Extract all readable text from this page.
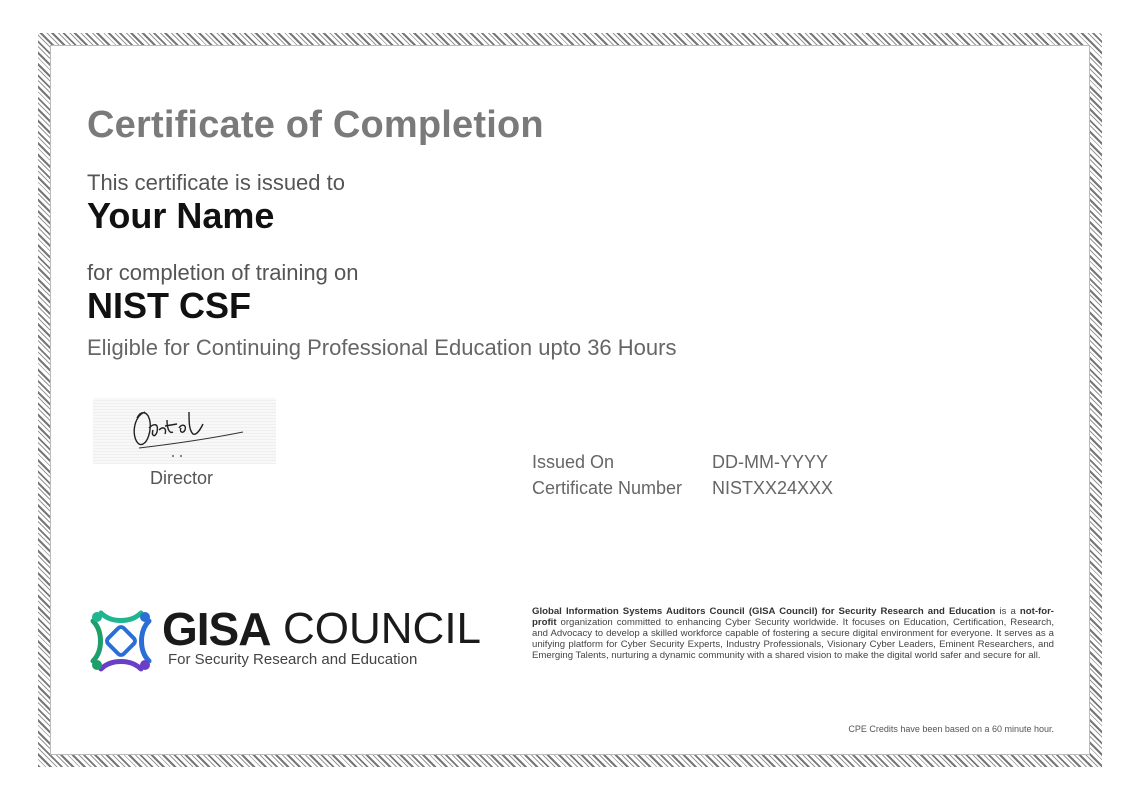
Certificate of Completion
This certificate is issued to
Your Name
for completion of training on
NIST CSF
Eligible for Continuing Professional Education upto 36 Hours
Director
Issued On	DD-MM-YYYY
Certificate Number	NISTXX24XXX
GISA COUNCIL
For Security Research and Education
Global Information Systems Auditors Council (GISA Council) for Security Research and Education is a not-for-profit organization committed to enhancing Cyber Security worldwide. It focuses on Education, Certification, Research, and Advocacy to develop a skilled workforce capable of fostering a secure digital environment for everyone. It serves as a unifying platform for Cyber Security Experts, Industry Professionals, Visionary Cyber Leaders, Eminent Researchers, and Emerging Talents, nurturing a dynamic community with a shared vision to make the digital world safer and secure for all.
CPE Credits have been based on a 60 minute hour.
